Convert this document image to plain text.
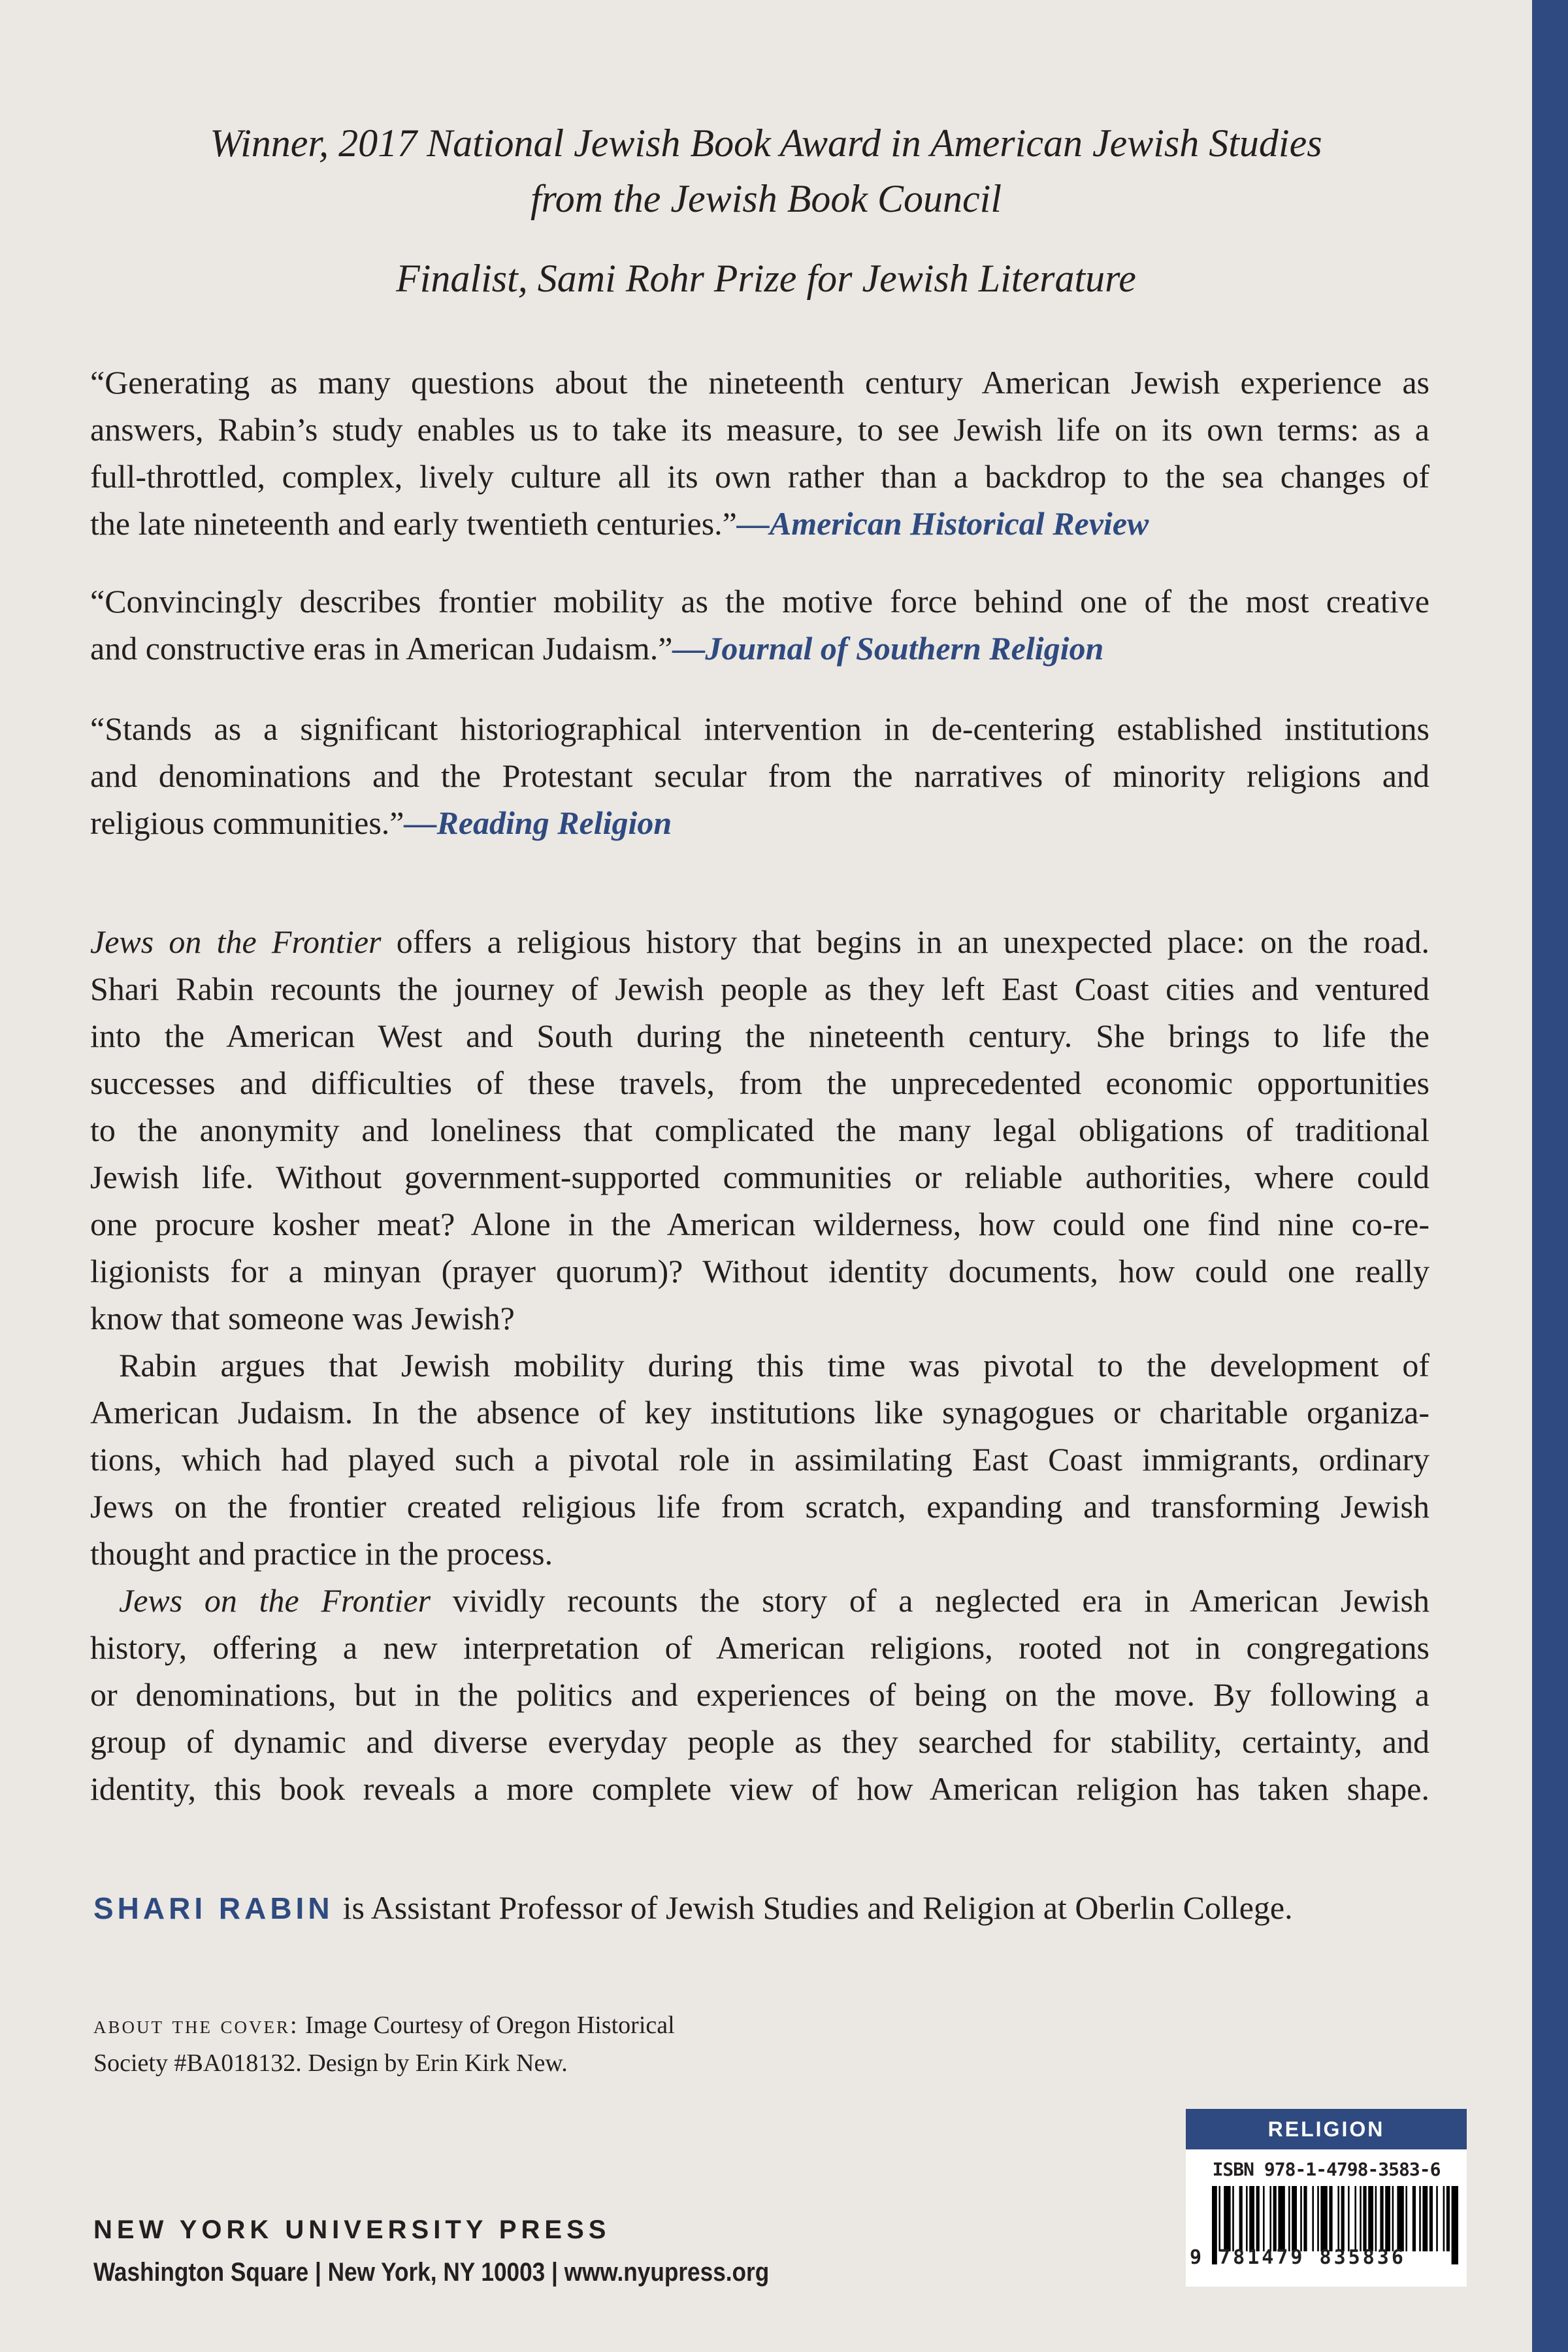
Winner, 2017 National Jewish Book Award in American Jewish Studies
from the Jewish Book Council
Finalist, Sami Rohr Prize for Jewish Literature
“Generating as many questions about the nineteenth century American Jewish experience as
answers, Rabin’s study enables us to take its measure, to see Jewish life on its own terms: as a
full-throttled, complex, lively culture all its own rather than a backdrop to the sea changes of
the late nineteenth and early twentieth centuries.”—American Historical Review
“Convincingly describes frontier mobility as the motive force behind one of the most creative
and constructive eras in American Judaism.”—Journal of Southern Religion
“Stands as a significant historiographical intervention in de-centering established institutions
and denominations and the Protestant secular from the narratives of minority religions and
religious communities.”—Reading Religion
Jews on the Frontier offers a religious history that begins in an unexpected place: on the road.
Shari Rabin recounts the journey of Jewish people as they left East Coast cities and ventured
into the American West and South during the nineteenth century. She brings to life the
successes and difficulties of these travels, from the unprecedented economic opportunities
to the anonymity and loneliness that complicated the many legal obligations of traditional
Jewish life. Without government-supported communities or reliable authorities, where could
one procure kosher meat? Alone in the American wilderness, how could one find nine co-re-
ligionists for a minyan (prayer quorum)? Without identity documents, how could one really
know that someone was Jewish?
Rabin argues that Jewish mobility during this time was pivotal to the development of
American Judaism. In the absence of key institutions like synagogues or charitable organiza-
tions, which had played such a pivotal role in assimilating East Coast immigrants, ordinary
Jews on the frontier created religious life from scratch, expanding and transforming Jewish
thought and practice in the process.
Jews on the Frontier vividly recounts the story of a neglected era in American Jewish
history, offering a new interpretation of American religions, rooted not in congregations
or denominations, but in the politics and experiences of being on the move. By following a
group of dynamic and diverse everyday people as they searched for stability, certainty, and
identity, this book reveals a more complete view of how American religion has taken shape.
SHARI RABIN is Assistant Professor of Jewish Studies and Religion at Oberlin College.
about the cover: Image Courtesy of Oregon Historical
Society #BA018132. Design by Erin Kirk New.
NEW YORK UNIVERSITY PRESS
Washington Square | New York, NY 10003 | www.nyupress.org
RELIGION
ISBN 978-1-4798-3583-6
9 781479 835836
